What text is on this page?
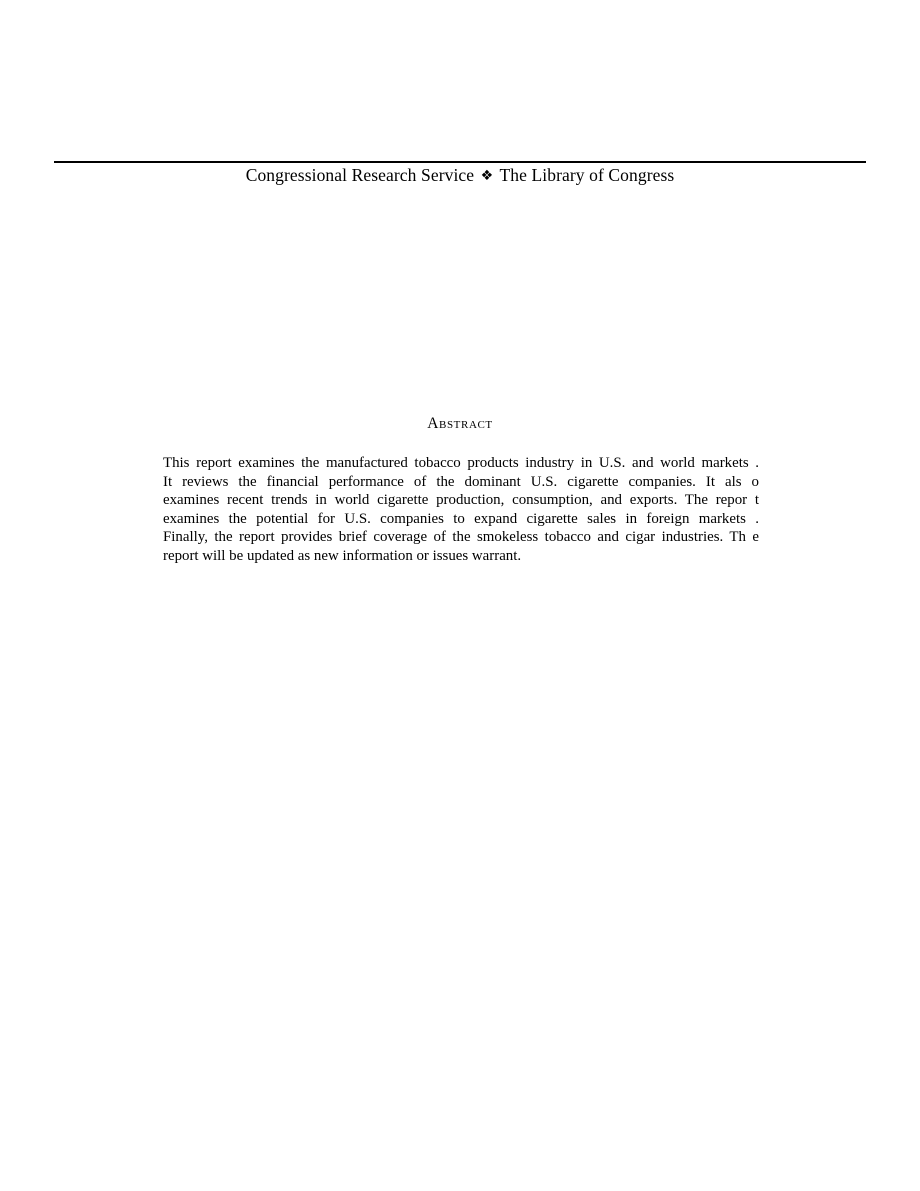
Congressional Research Service ❖ The Library of Congress
Abstract
This report examines the manufactured tobacco products industry in U.S. and world markets .
It reviews the financial performance of the dominant U.S. cigarette companies. It als o
examines recent trends in world cigarette production, consumption, and exports. The repor t
examines the potential for U.S. companies to expand cigarette sales in foreign markets .
Finally, the report provides brief coverage of the smokeless tobacco and cigar industries. Th e
report will be updated as new information or issues warrant.
